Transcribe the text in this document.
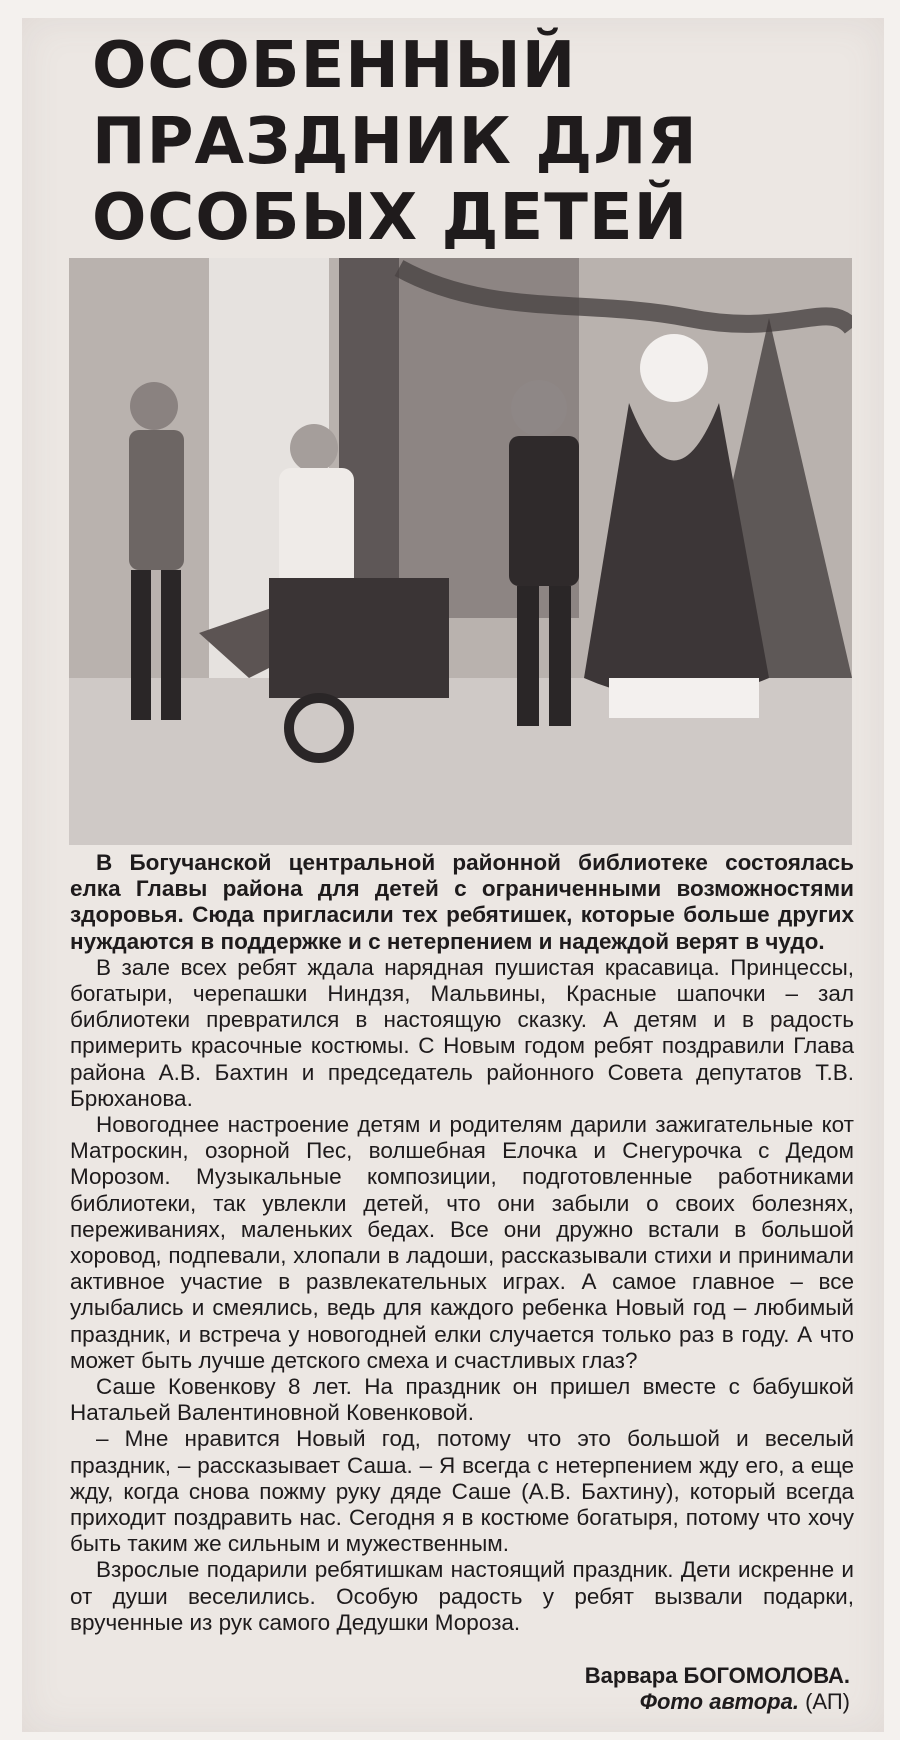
ОСОБЕННЫЙ
ПРАЗДНИК ДЛЯ
ОСОБЫХ ДЕТЕЙ

В Богучанской центральной районной библиотеке состоялась елка Главы района для детей с ограниченными возможностями здоровья. Сюда пригласили тех ребятишек, которые больше других нуждаются в поддержке и с нетерпением и надеждой верят в чудо.

В зале всех ребят ждала нарядная пушистая красавица. Принцессы, богатыри, черепашки Ниндзя, Мальвины, Красные шапочки – зал библиотеки превратился в настоящую сказку. А детям и в радость примерить красочные костюмы. С Новым годом ребят поздравили Глава района А.В. Бахтин и председатель районного Совета депутатов Т.В. Брюханова.

Новогоднее настроение детям и родителям дарили зажигательные кот Матроскин, озорной Пес, волшебная Елочка и Снегурочка с Дедом Морозом. Музыкальные композиции, подготовленные работниками библиотеки, так увлекли детей, что они забыли о своих болезнях, переживаниях, маленьких бедах. Все они дружно встали в большой хоровод, подпевали, хлопали в ладоши, рассказывали стихи и принимали активное участие в развлекательных играх. А самое главное – все улыбались и смеялись, ведь для каждого ребенка Новый год – любимый праздник, и встреча у новогодней елки случается только раз в году. А что может быть лучше детского смеха и счастливых глаз?

Саше Ковенкову 8 лет. На праздник он пришел вместе с бабушкой Натальей Валентиновной Ковенковой.

– Мне нравится Новый год, потому что это большой и веселый праздник, – рассказывает Саша. – Я всегда с нетерпением жду его, а еще жду, когда снова пожму руку дяде Саше (А.В. Бахтину), который всегда приходит поздравить нас. Сегодня я в костюме богатыря, потому что хочу быть таким же сильным и мужественным.

Взрослые подарили ребятишкам настоящий праздник. Дети искренне и от души веселились. Особую радость у ребят вызвали подарки, врученные из рук самого Дедушки Мороза.

Варвара БОГОМОЛОВА.
Фото автора. (АП)
